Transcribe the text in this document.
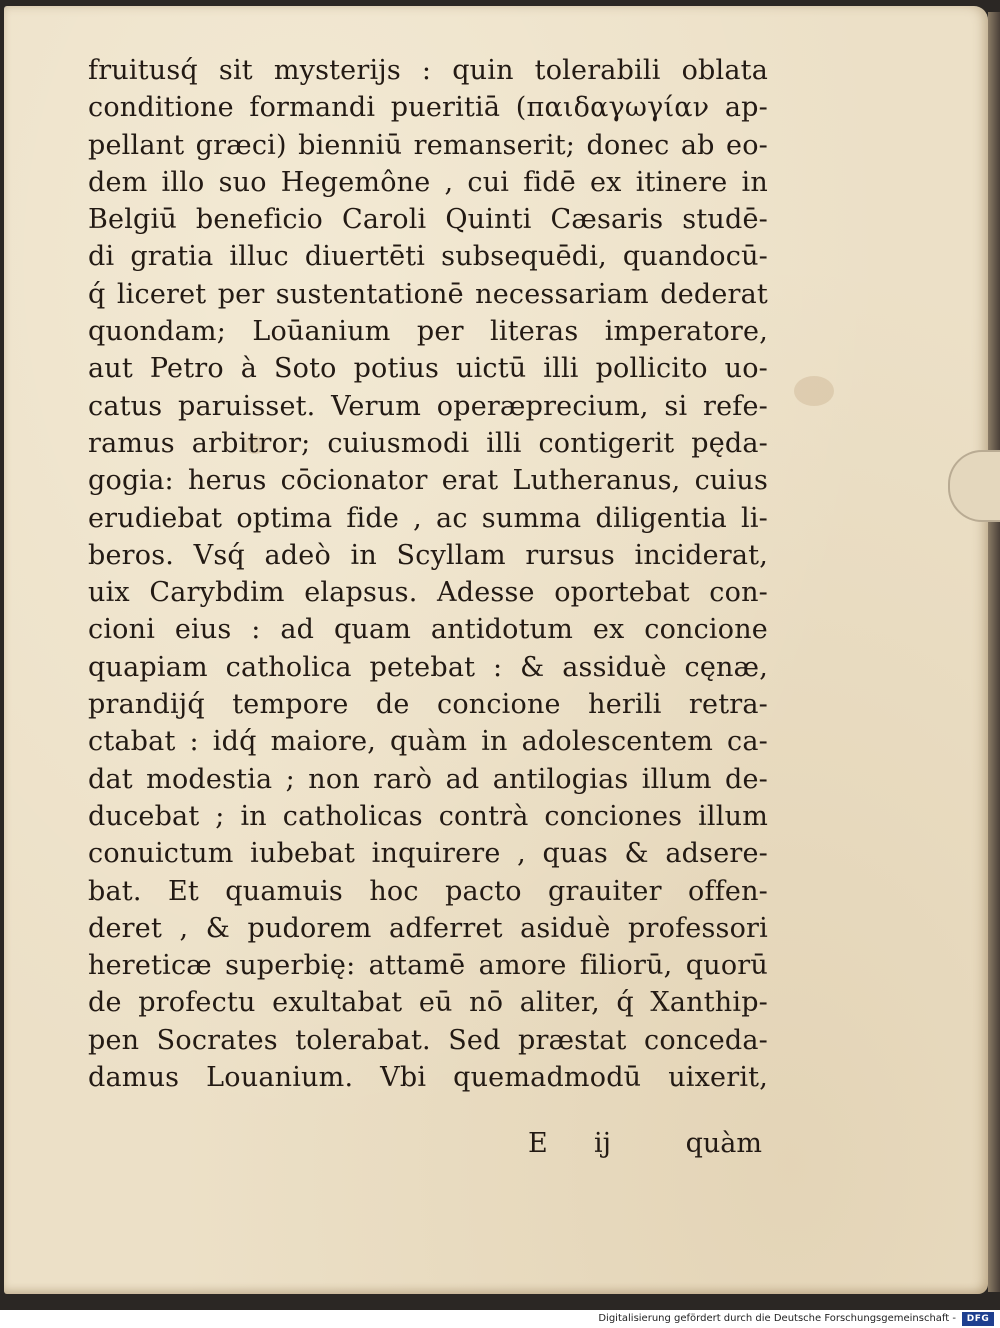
fruitusq́ sit mysterijs : quin tolerabili oblata
conditione formandi pueritiā (παιδαγωγίαν ap-
pellant græci) bienniū remanserit; donec ab eo-
dem illo suo Hegemône , cui fidē ex itinere in
Belgiū beneficio Caroli Quinti Cæsaris studē-
di gratia illuc diuertēti subsequēdi, quandocū-
q́ liceret per sustentationē necessariam dederat
quondam; Loūanium per literas imperatore,
aut Petro à Soto potius uictū illi pollicito uo-
catus paruisset. Verum operæprecium, si refe-
ramus arbitror; cuiusmodi illi contigerit pęda-
gogia: herus cōcionator erat Lutheranus, cuius
erudiebat optima fide , ac summa diligentia li-
beros. Vsq́ adeò in Scyllam rursus inciderat,
uix Carybdim elapsus. Adesse oportebat con-
cioni eius : ad quam antidotum ex concione
quapiam catholica petebat : & assiduè cęnæ,
prandijq́ tempore de concione herili retra-
ctabat : idq́ maiore, quàm in adolescentem ca-
dat modestia ; non rarò ad antilogias illum de-
ducebat ; in catholicas contrà conciones illum
conuictum iubebat inquirere , quas & adsere-
bat. Et quamuis hoc pacto grauiter offen-
deret , & pudorem adferret asiduè professori
hereticæ superbię: attamē amore filiorū, quorū
de profectu exultabat eū nō aliter, q́ Xanthip-
pen Socrates tolerabat. Sed præstat conceda-
damus Louanium. Vbi quemadmodū uixerit,
E ij	quàm
Digitalisierung gefördert durch die Deutsche Forschungsgemeinschaft -	DFG
